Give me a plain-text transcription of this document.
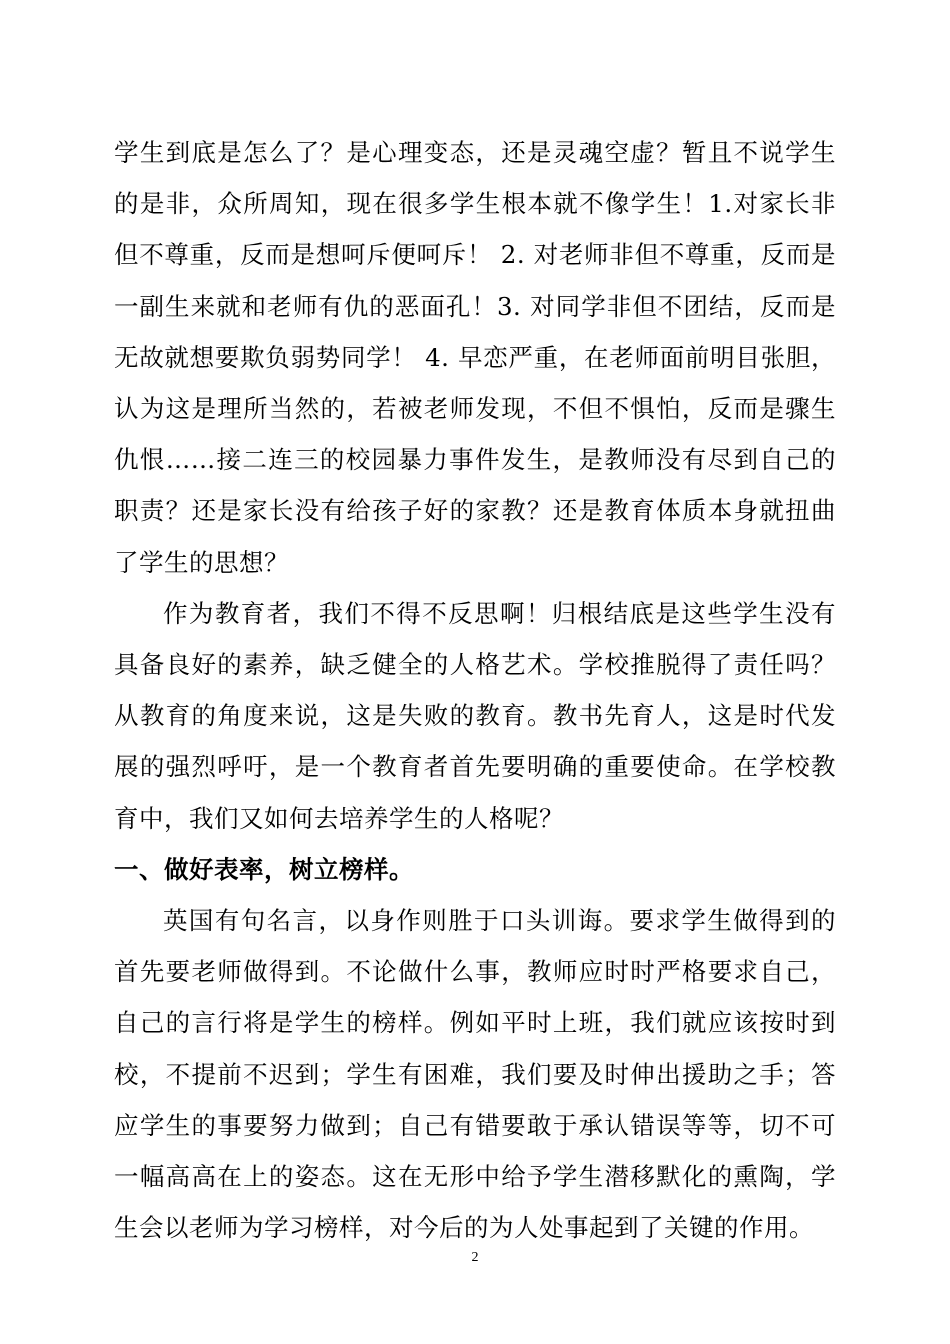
学生到底是怎么了？是心理变态，还是灵魂空虚？暂且不说学生的是非，众所周知，现在很多学生根本就不像学生！1.对家长非但不尊重，反而是想呵斥便呵斥！ 2. 对老师非但不尊重，反而是一副生来就和老师有仇的恶面孔！3. 对同学非但不团结，反而是无故就想要欺负弱势同学！ 4. 早恋严重，在老师面前明目张胆，认为这是理所当然的，若被老师发现，不但不惧怕，反而是骤生仇恨……接二连三的校园暴力事件发生，是教师没有尽到自己的职责？还是家长没有给孩子好的家教？还是教育体质本身就扭曲了学生的思想？

作为教育者，我们不得不反思啊！归根结底是这些学生没有具备良好的素养，缺乏健全的人格艺术。学校推脱得了责任吗？从教育的角度来说，这是失败的教育。教书先育人，这是时代发展的强烈呼吁，是一个教育者首先要明确的重要使命。在学校教育中，我们又如何去培养学生的人格呢？

一、做好表率，树立榜样。

英国有句名言，以身作则胜于口头训诲。要求学生做得到的首先要老师做得到。不论做什么事，教师应时时严格要求自己，自己的言行将是学生的榜样。例如平时上班，我们就应该按时到校，不提前不迟到；学生有困难，我们要及时伸出援助之手；答应学生的事要努力做到；自己有错要敢于承认错误等等，切不可一幅高高在上的姿态。这在无形中给予学生潜移默化的熏陶，学生会以老师为学习榜样，对今后的为人处事起到了关键的作用。

2
